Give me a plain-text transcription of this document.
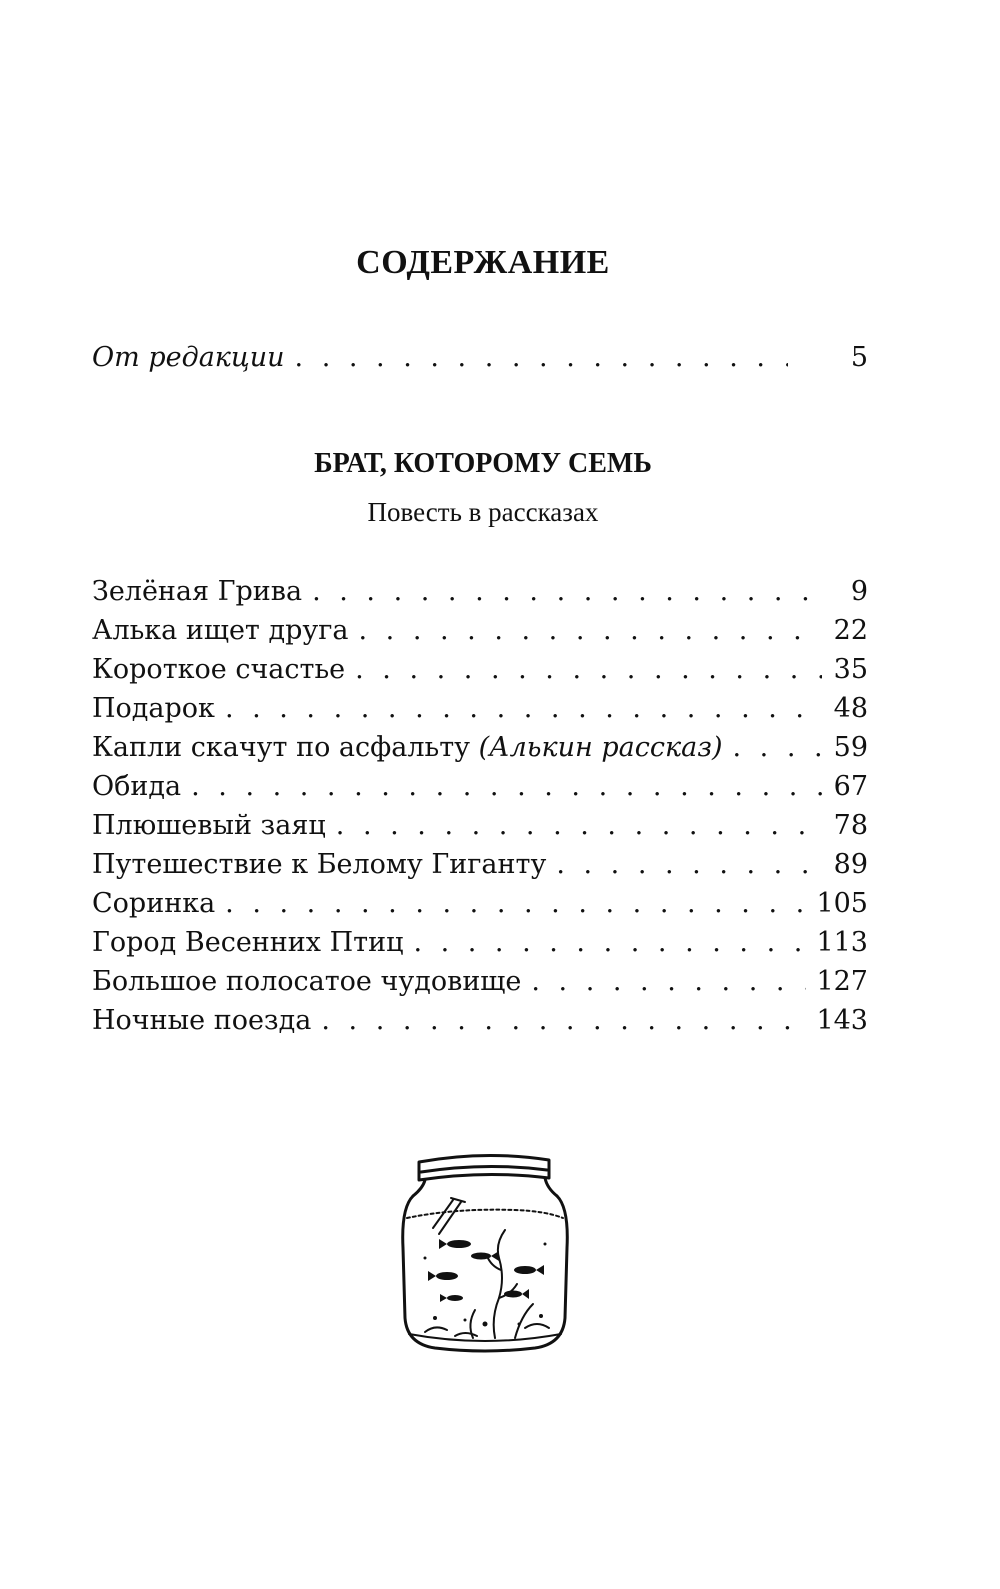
СОДЕРЖАНИЕ
От редакции . . .	5
БРАТ, КОТОРОМУ СЕМЬ
Повесть в рассказах
Зелёная Грива . . .	9
Алька ищет друга . . .	22
Короткое счастье . . .	35
Подарок . . .	48
Капли скачут по асфальту (Алькин рассказ) . . .	59
Обида . . .	67
Плюшевый заяц . . .	78
Путешествие к Белому Гиганту . . .	89
Соринка . . .	105
Город Весенних Птиц . . .	113
Большое полосатое чудовище . . .	127
Ночные поезда . . .	143
